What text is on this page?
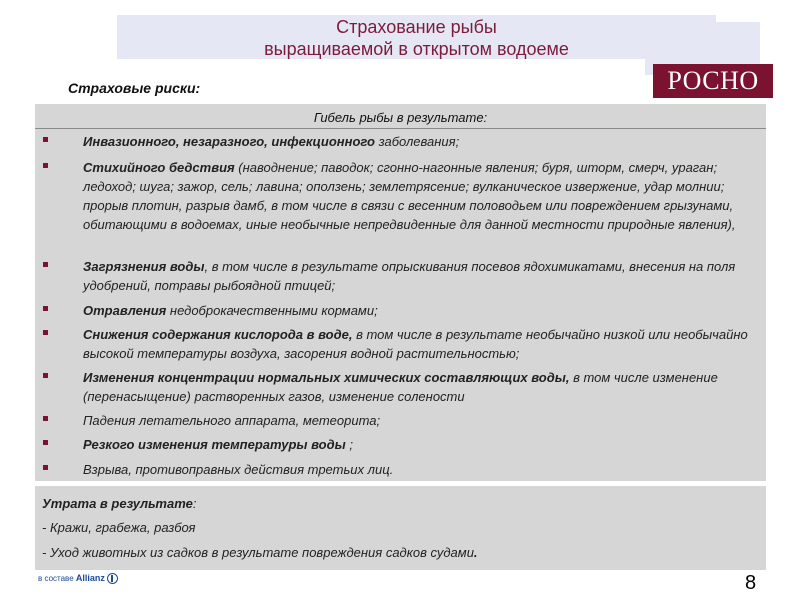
Страхование рыбы
выращиваемой в открытом водоеме
РОСНО
Страховые риски:
Гибель рыбы в результате:
Инвазионного, незаразного, инфекционного заболевания;
Стихийного бедствия (наводнение; паводок; сгонно-нагонные явления; буря, шторм, смерч, ураган; ледоход; шуга; зажор, сель; лавина; оползень; землетрясение; вулканическое извержение, удар молнии; прорыв плотин, разрыв дамб, в том числе в связи с весенним половодьем или повреждением грызунами, обитающими в водоемах, иные необычные непредвиденные для данной местности природные явления),
Загрязнения воды, в том числе в результате опрыскивания посевов ядохимикатами, внесения на поля удобрений, потравы рыбоядной птицей;
Отравления недоброкачественными кормами;
Снижения содержания кислорода в воде, в том числе в результате необычайно низкой или необычайно высокой температуры воздуха, засорения водной растительностью;
Изменения концентрации нормальных химических составляющих воды, в том числе изменение (перенасыщение) растворенных газов, изменение солености
Падения летательного аппарата, метеорита;
Резкого изменения температуры воды ;
Взрыва, противоправных действия третьих лиц.
Утрата в результате:
- Кражи, грабежа, разбоя
- Уход животных из садков в результате повреждения садков судами.
в составе Allianz	8
